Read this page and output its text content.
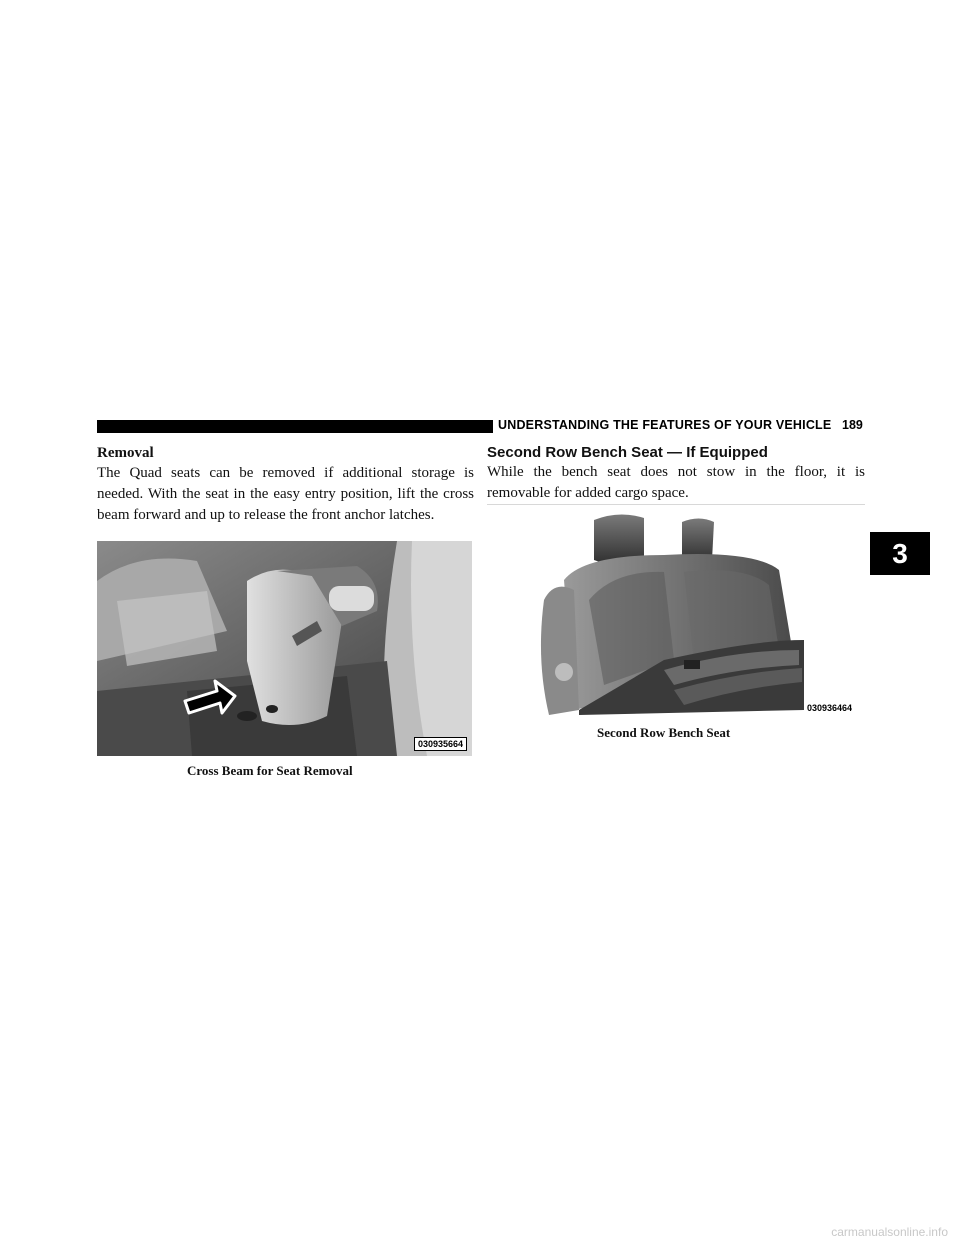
UNDERSTANDING THE FEATURES OF YOUR VEHICLE 189
Removal

The Quad seats can be removed if additional storage is needed. With the seat in the easy entry position, lift the cross beam forward and up to release the front anchor latches.

030935664
Cross Beam for Seat Removal
Second Row Bench Seat — If Equipped

While the bench seat does not stow in the floor, it is removable for added cargo space.

030936464
Second Row Bench Seat
3
carmanualsonline.info
